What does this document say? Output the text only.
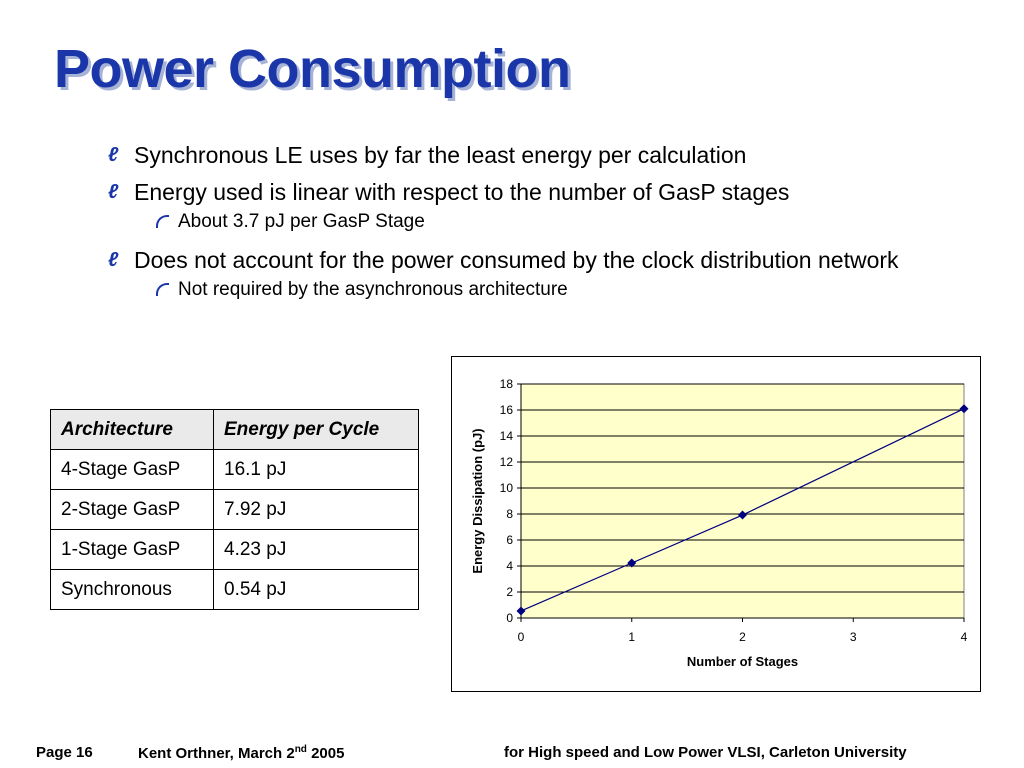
Power Consumption
ℓ Synchronous LE uses by far the least energy per calculation
ℓ Energy used is linear with respect to the number of GasP stages
About 3.7 pJ per GasP Stage
ℓ Does not account for the power consumed by the clock distribution network
Not required by the asynchronous architecture
Architecture	Energy per Cycle
4-Stage GasP	16.1 pJ
2-Stage GasP	7.92 pJ
1-Stage GasP	4.23 pJ
Synchronous	0.54 pJ
0
2
4
6
8
10
12
14
16
18
0	1	2	3	4
Number of Stages
Energy Dissipation (pJ)
Page 16	Kent Orthner, March 2nd 2005	for High speed and Low Power VLSI, Carleton University
